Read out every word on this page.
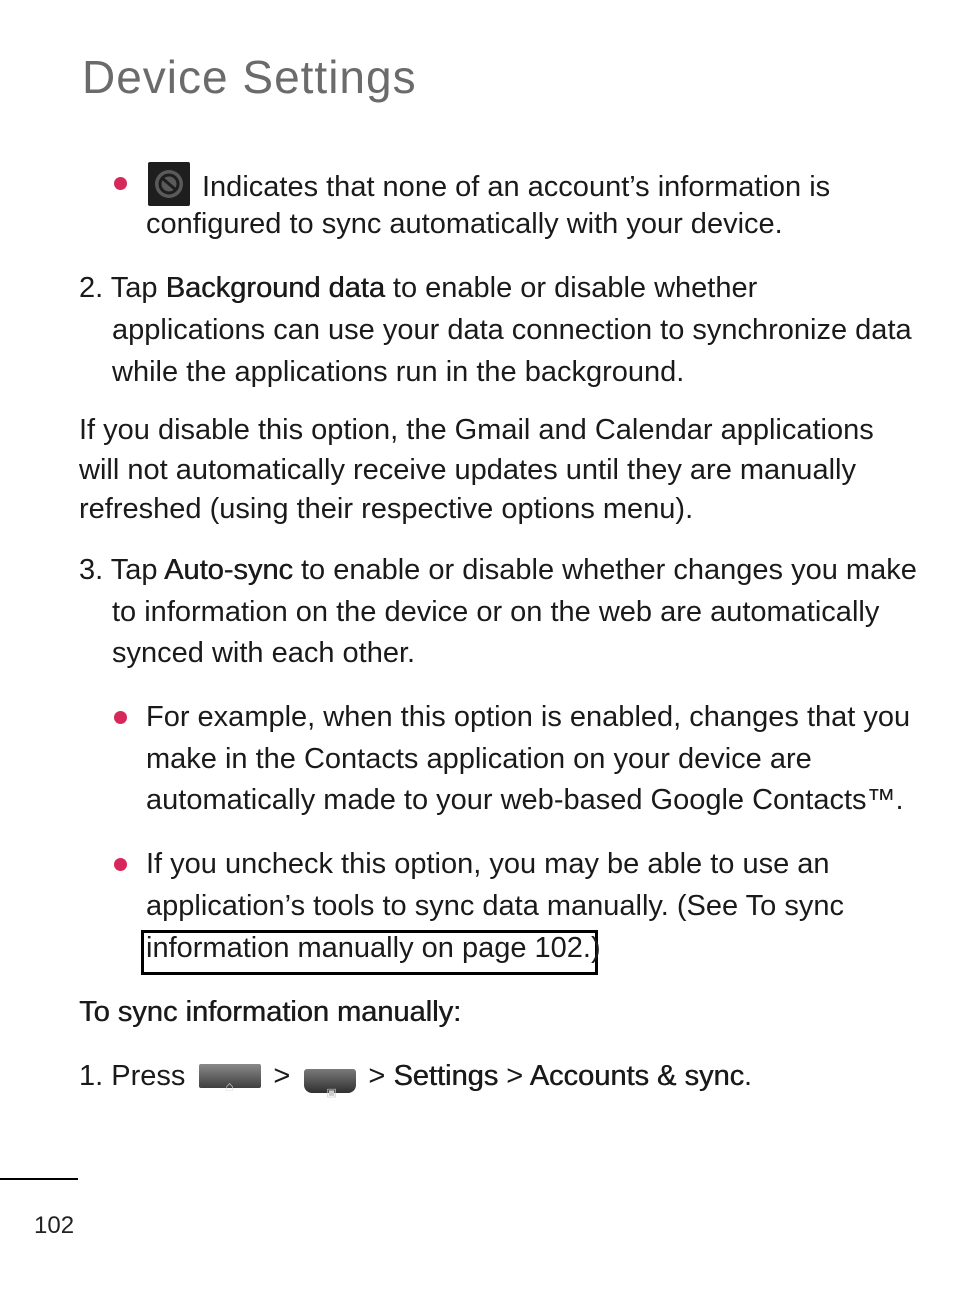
Device Settings
Indicates that none of an account’s information is
configured to sync automatically with your device.
2. Tap Background data to enable or disable whether
applications can use your data connection to synchronize data
while the applications run in the background.
If you disable this option, the Gmail and Calendar applications
will not automatically receive updates until they are manually
refreshed (using their respective options menu).
3. Tap Auto-sync to enable or disable whether changes you make
to information on the device or on the web are automatically
synced with each other.
For example, when this option is enabled, changes that you
make in the Contacts application on your device are
automatically made to your web-based Google Contacts™.
If you uncheck this option, you may be able to use an
application’s tools to sync data manually. (See To sync
information manually on page 102.)
To sync information manually:
1. Press	⌂ >
▣
> Settings > Accounts & sync.
102
